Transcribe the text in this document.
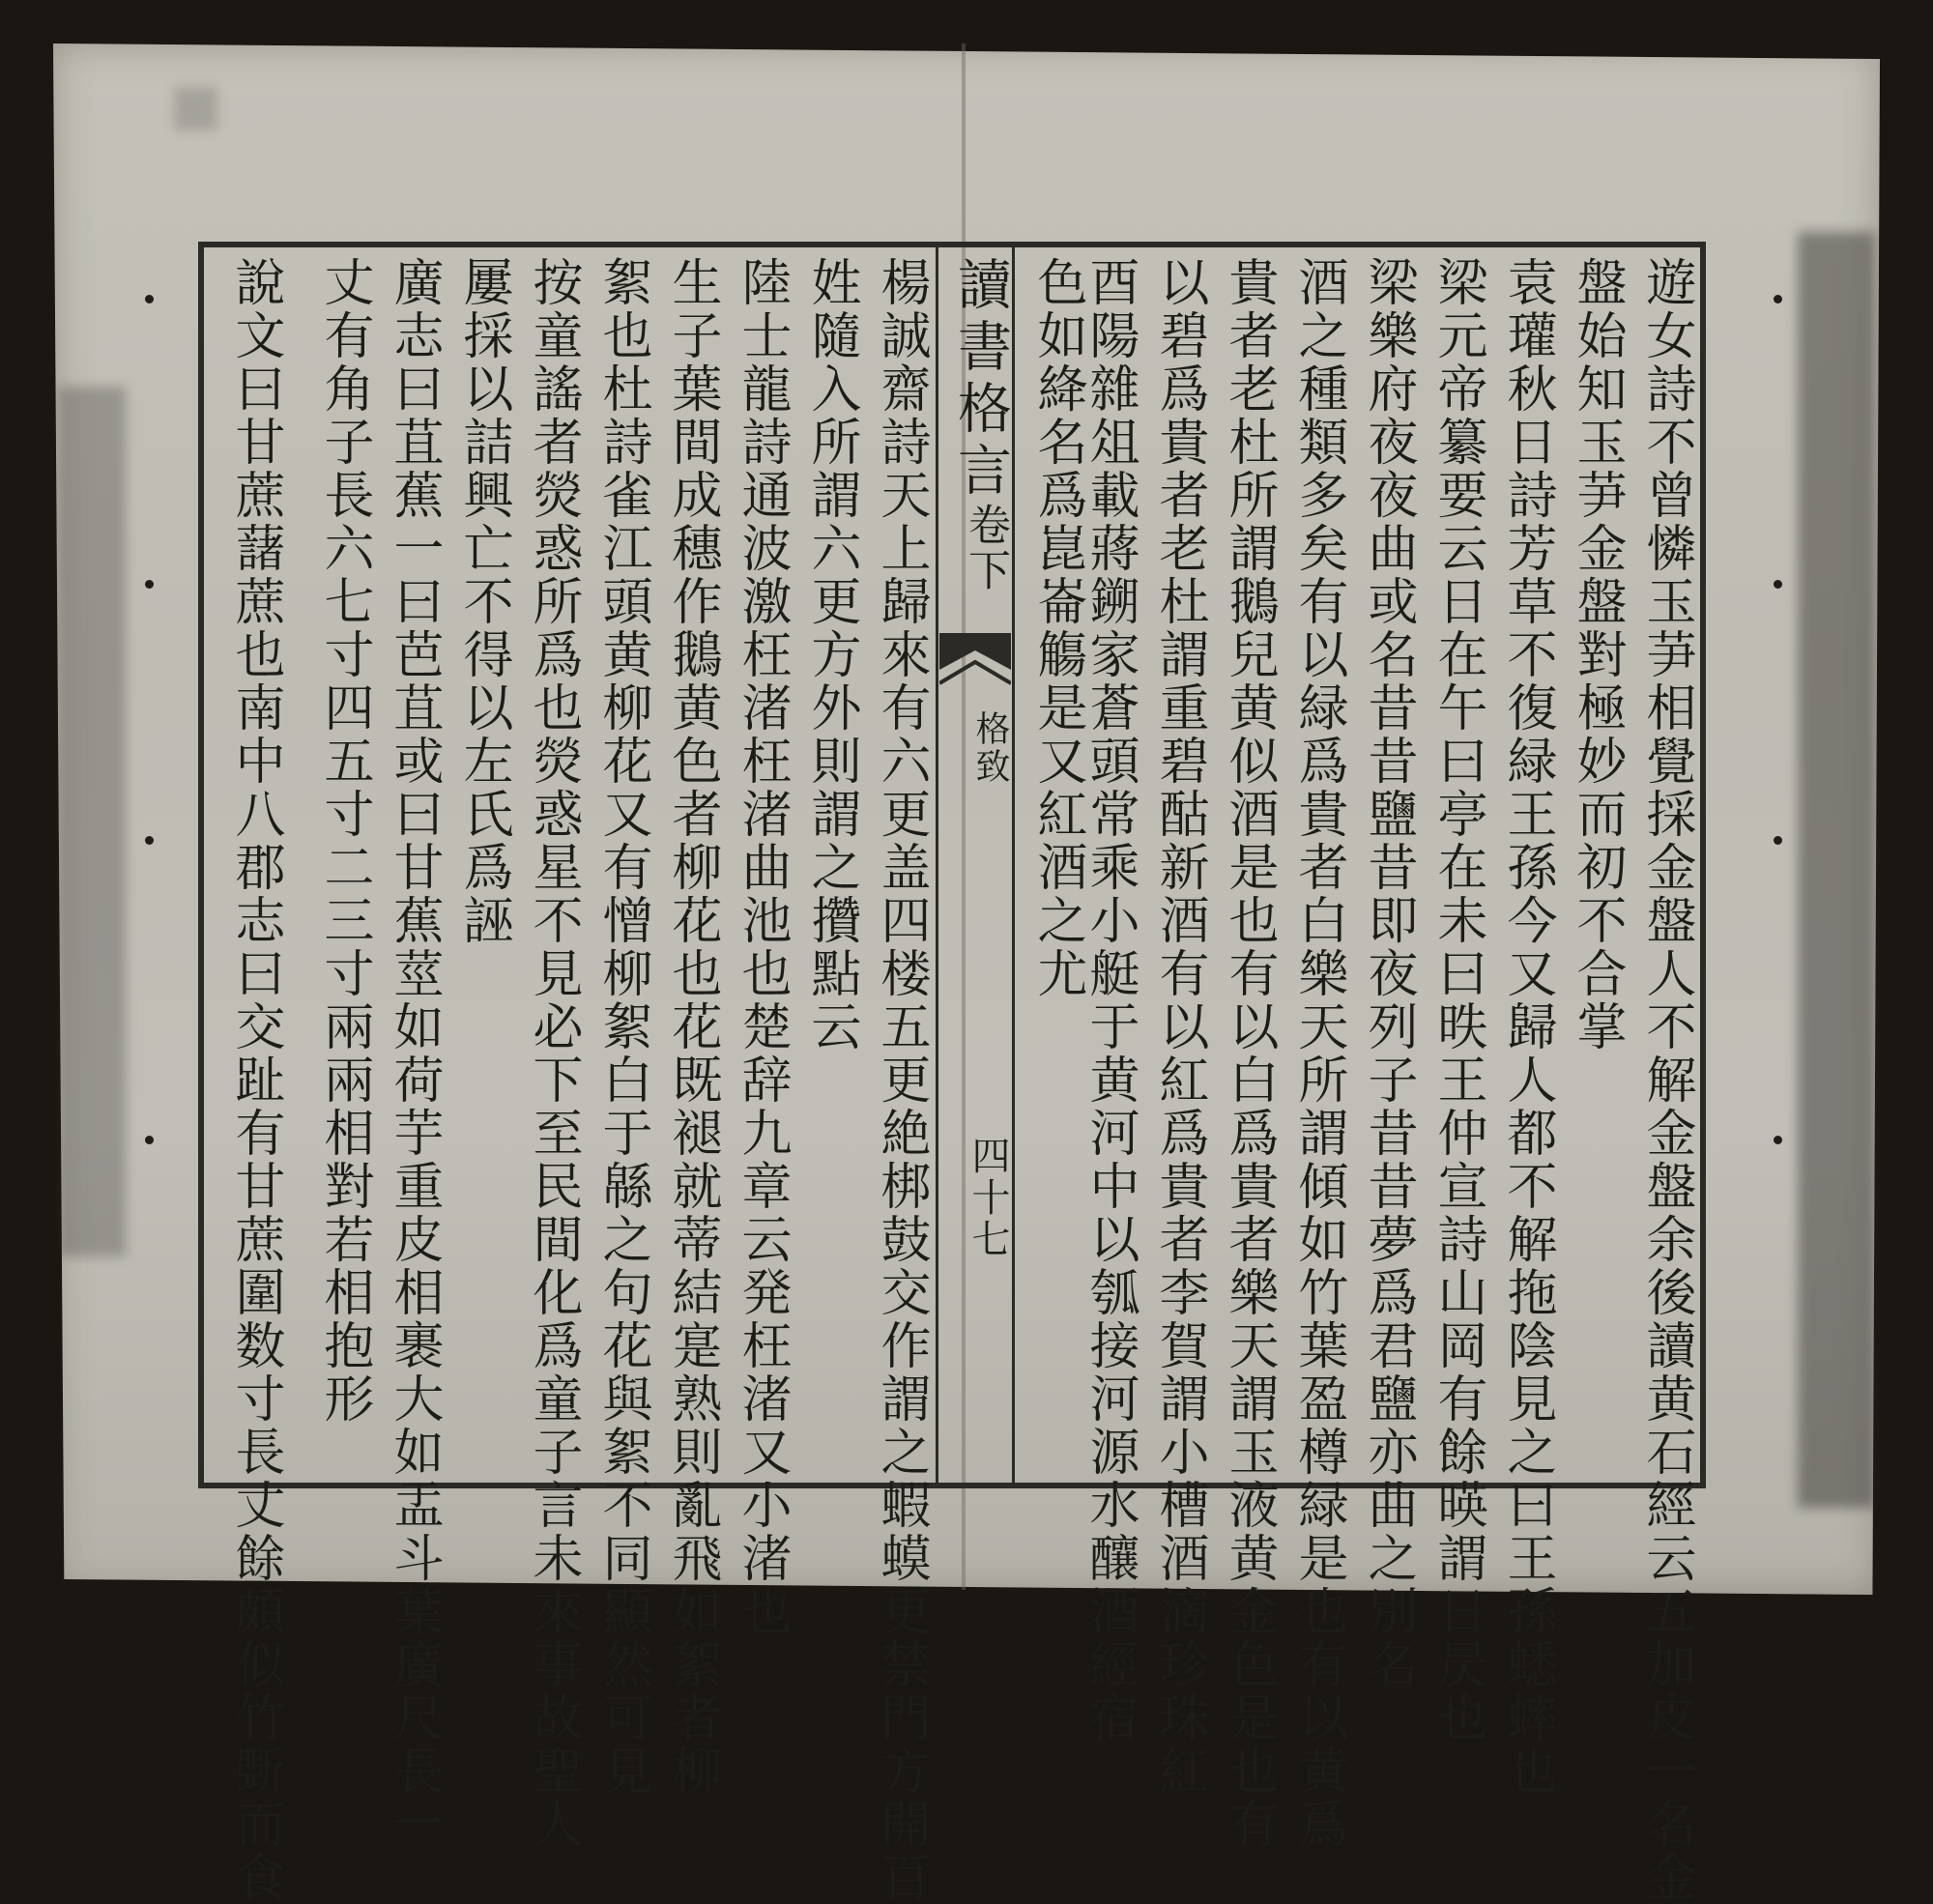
讀書格言
卷下
格致
四十七	遊女詩不曾憐玉芛相覺採金盤人不解金盤余後讀黄石經云五加皮一名金
盤始知玉芛金盤對極妙而初不合掌
袁瓘秋日詩芳草不復緑王孫今又歸人都不解拖陰見之曰王孫蟋蟀也
梁元帝纂要云日在午曰亭在未曰昳王仲宣詩山岡有餘暎謂日昃也
梁樂府夜夜曲或名昔昔鹽昔即夜列子昔昔夢爲君鹽亦曲之別名
酒之種類多矣有以緑爲貴者白樂天所謂傾如竹葉盈樽緑是也有以黄爲
貴者老杜所謂鵝兒黄似酒是也有以白爲貴者樂天謂玉液黄金色是也有
以碧爲貴者老杜謂重碧酤新酒有以紅爲貴者李賀謂小槽酒滴珍珠紅
酉陽雜俎載蔣鎙家蒼頭常乘小艇于黄河中以瓠接河源水釀酒經宿
色如絳名爲崑崙觴是又紅酒之尤
楊誠齋詩天上歸來有六更盖四楼五更絶梆鼓交作謂之蝦蟆更禁門方開百
姓隨入所謂六更方外則謂之攢點云
陸士龍詩通波激枉渚枉渚曲池也楚辞九章云発枉渚又小渚也
生子葉間成穗作鵝黄色者柳花也花既褪就蒂結寔熟則亂飛如絮者柳
絮也杜詩雀江頭黄柳花又有憎柳絮白于緜之句花與絮不同顯然可見
按童謠者熒惑所爲也熒惑星不見必下至民間化爲童子言未來事故聖人
屢採以詰興亡不得以左氏爲誣
廣志曰苴蕉一曰芭苴或曰甘蕉莖如荷芋重皮相裹大如盂斗葉廣尺長一
丈有角子長六七寸四五寸二三寸兩兩相對若相抱形
說文曰甘蔗藷蔗也南中八郡志曰交趾有甘蔗圍数寸長丈餘頗似竹斲而食
